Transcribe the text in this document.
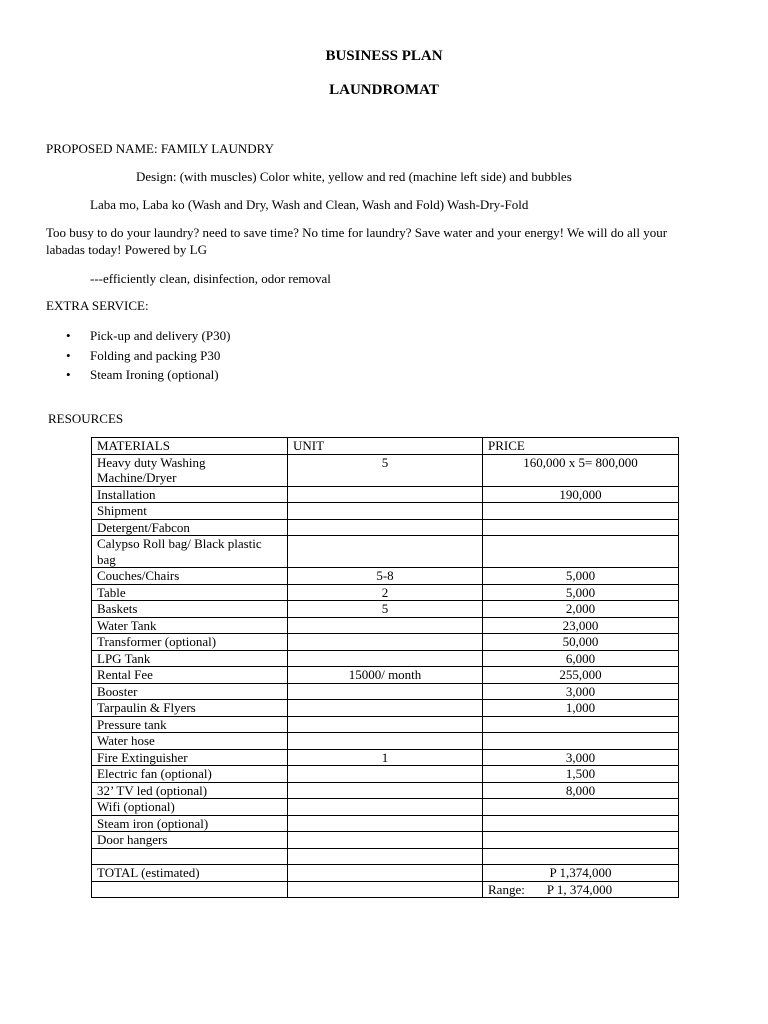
BUSINESS PLAN
LAUNDROMAT
PROPOSED NAME: FAMILY LAUNDRY
Design: (with muscles) Color white, yellow and red (machine left side) and bubbles
Laba mo, Laba ko (Wash and Dry, Wash and Clean, Wash and Fold) Wash-Dry-Fold
Too busy to do your laundry? need to save time? No time for laundry? Save water and your energy! We will do all your
labadas today! Powered by LG
---efficiently clean, disinfection, odor removal
EXTRA SERVICE:
• Pick-up and delivery (P30)
• Folding and packing P30
• Steam Ironing (optional)
RESOURCES
MATERIALS	UNIT	PRICE
Heavy duty Washing Machine/Dryer	5	160,000 x 5= 800,000
Installation		190,000
Shipment		
Detergent/Fabcon		
Calypso Roll bag/ Black plastic bag		
Couches/Chairs	5-8	5,000
Table	2	5,000
Baskets	5	2,000
Water Tank		23,000
Transformer (optional)		50,000
LPG Tank		6,000
Rental Fee	15000/ month	255,000
Booster		3,000
Tarpaulin & Flyers		1,000
Pressure tank		
Water hose		
Fire Extinguisher	1	3,000
Electric fan (optional)		1,500
32’ TV led (optional)		8,000
Wifi (optional)		
Steam iron (optional)		
Door hangers		

TOTAL (estimated)		P 1,374,000
		Range: P 1, 374,000
